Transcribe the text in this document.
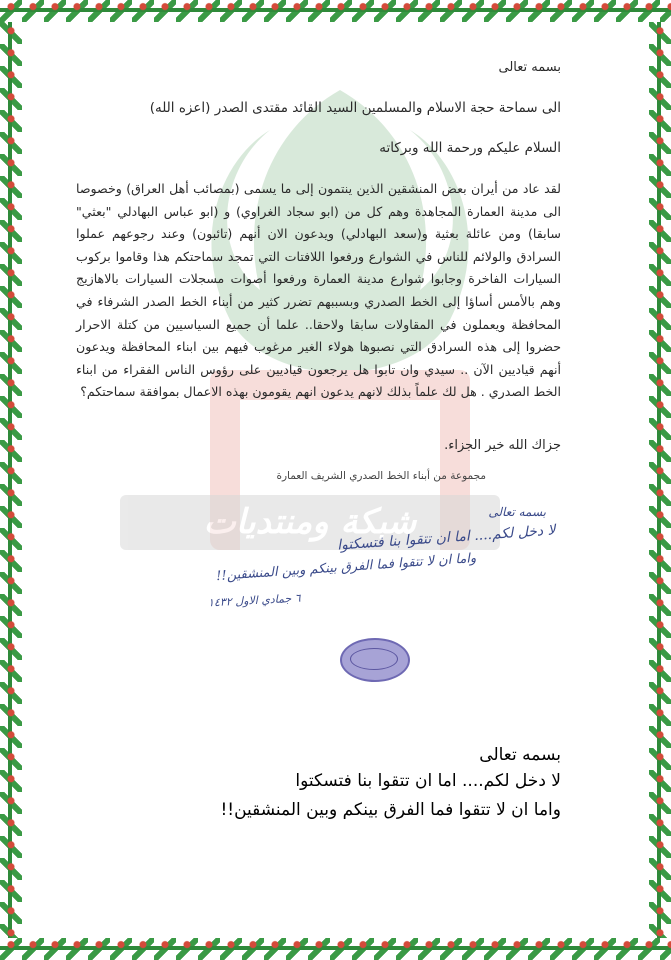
شبكة ومنتديات
بسمه تعالى
الى سماحة حجة الاسلام والمسلمين السيد القائد مقتدى الصدر (اعزه الله)
السلام عليكم ورحمة الله وبركاته
لقد عاد من أيران بعض المنشقين الذين ينتمون إلى ما يسمى (بمصائب أهل العراق) وخصوصا الى مدينة العمارة المجاهدة وهم كل من (ابو سجاد الغراوي) و (ابو عباس البهادلي "بعثي" سابقا) ومن عائلة بعثية و(سعد البهادلي) ويدعون الان أنهم (تائبون) وعند رجوعهم عملوا السرادق والولائم للناس في الشوارع ورفعوا اللافتات التي تمجد سماحتكم هذا وقاموا بركوب السيارات الفاخرة وجابوا شوارع مدينة العمارة ورفعوا أصوات مسجلات السيارات بالاهازيج وهم بالأمس أساؤا إلى الخط الصدري وبسببهم تضرر كثير من أبناء الخط الصدر الشرفاء في المحافظة ويعملون في المقاولات سابقا ولاحقا.. علما أن جميع السياسيين من كتلة الاحرار حضروا إلى هذه السرادق التي نصبوها هولاء الغير مرغوب فيهم بين ابناء المحافظة ويدعون أنهم قياديين الآن .. سيدي وان تابوا هل يرجعون قياديين على رؤوس الناس الفقراء من ابناء الخط الصدري . هل لك علماً بذلك لانهم يدعون انهم يقومون بهذه الاعمال بموافقة سماحتكم؟
جزاك الله خير الجزاء.
مجموعة من أبناء الخط الصدري الشريف العمارة
بسمه تعالى
لا دخل لكم.... اما ان تتقوا بنا فتسكتوا
واما ان لا تتقوا فما الفرق بينكم وبين المنشقين!!
٦ جمادي الاول ١٤٣٢
بسمه تعالى
لا دخل لكم.... اما ان تتقوا بنا فتسكتوا
واما ان لا تتقوا فما الفرق بينكم وبين المنشقين!!
